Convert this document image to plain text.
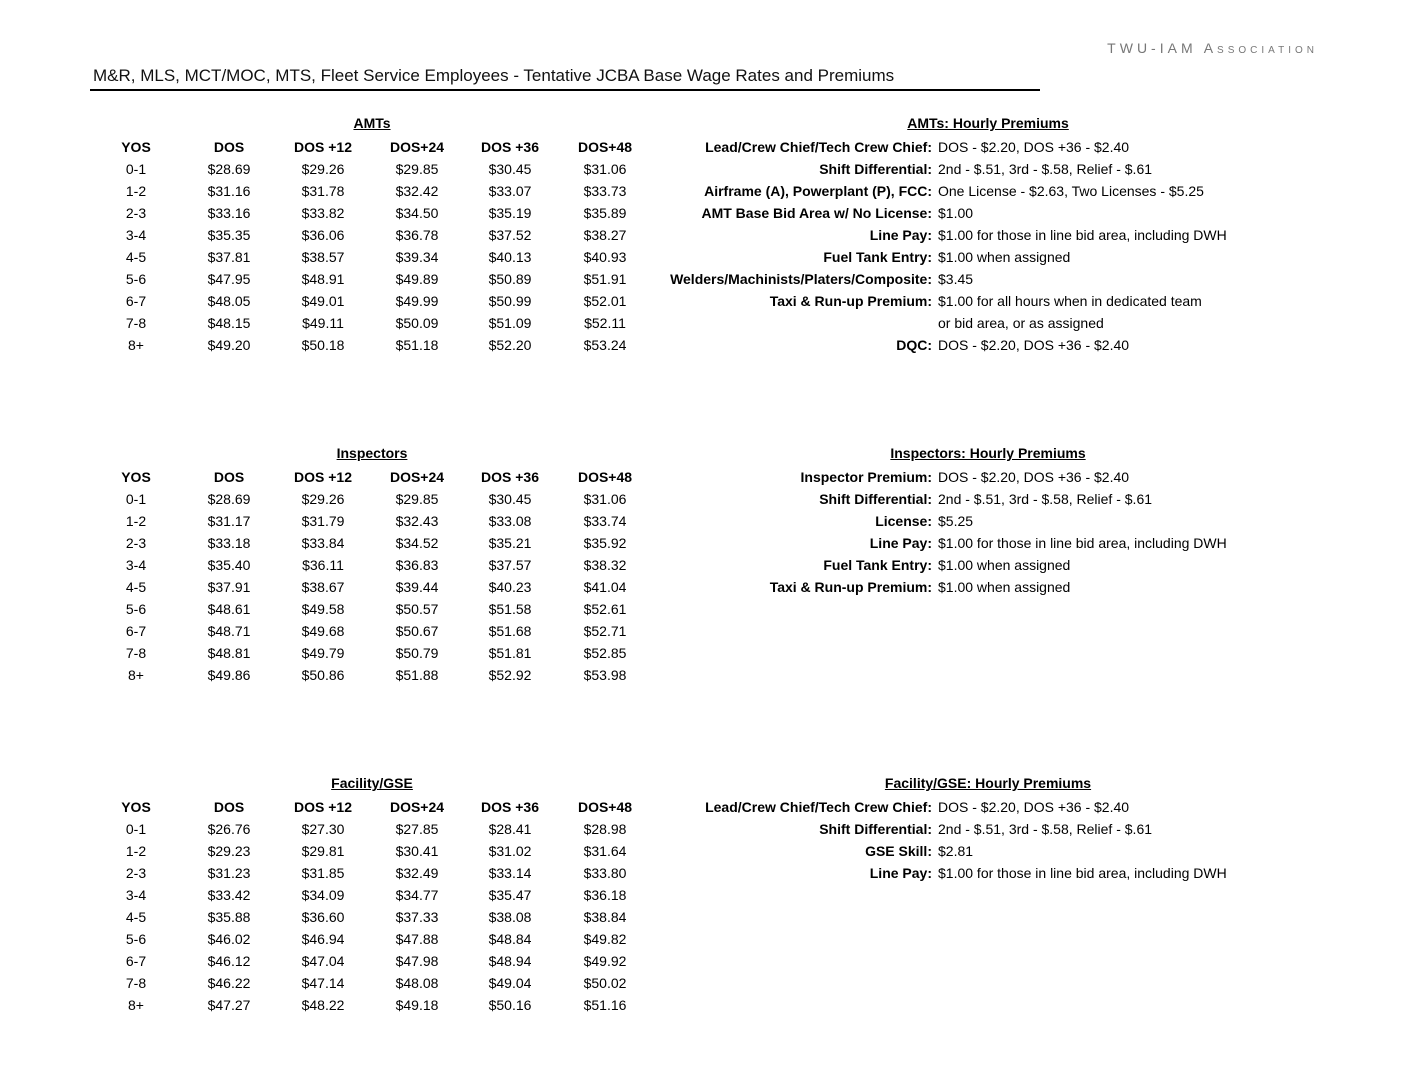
TWU-IAM Association
M&R, MLS, MCT/MOC, MTS, Fleet Service Employees - Tentative JCBA Base Wage Rates and Premiums
AMTs	AMTs: Hourly Premiums
YOS	DOS	DOS +12	DOS+24	DOS +36	DOS+48
0-1	$28.69	$29.26	$29.85	$30.45	$31.06
1-2	$31.16	$31.78	$32.42	$33.07	$33.73
2-3	$33.16	$33.82	$34.50	$35.19	$35.89
3-4	$35.35	$36.06	$36.78	$37.52	$38.27
4-5	$37.81	$38.57	$39.34	$40.13	$40.93
5-6	$47.95	$48.91	$49.89	$50.89	$51.91
6-7	$48.05	$49.01	$49.99	$50.99	$52.01
7-8	$48.15	$49.11	$50.09	$51.09	$52.11
8+	$49.20	$50.18	$51.18	$52.20	$53.24
Lead/Crew Chief/Tech Crew Chief: DOS - $2.20, DOS +36 - $2.40
Shift Differential: 2nd - $.51, 3rd - $.58, Relief - $.61
Airframe (A), Powerplant (P), FCC: One License - $2.63, Two Licenses - $5.25
AMT Base Bid Area w/ No License: $1.00
Line Pay: $1.00 for those in line bid area, including DWH
Fuel Tank Entry: $1.00 when assigned
Welders/Machinists/Platers/Composite: $3.45
Taxi & Run-up Premium: $1.00 for all hours when in dedicated team
or bid area, or as assigned
DQC: DOS - $2.20, DOS +36 - $2.40
Inspectors	Inspectors: Hourly Premiums
YOS	DOS	DOS +12	DOS+24	DOS +36	DOS+48
0-1	$28.69	$29.26	$29.85	$30.45	$31.06
1-2	$31.17	$31.79	$32.43	$33.08	$33.74
2-3	$33.18	$33.84	$34.52	$35.21	$35.92
3-4	$35.40	$36.11	$36.83	$37.57	$38.32
4-5	$37.91	$38.67	$39.44	$40.23	$41.04
5-6	$48.61	$49.58	$50.57	$51.58	$52.61
6-7	$48.71	$49.68	$50.67	$51.68	$52.71
7-8	$48.81	$49.79	$50.79	$51.81	$52.85
8+	$49.86	$50.86	$51.88	$52.92	$53.98
Inspector Premium: DOS - $2.20, DOS +36 - $2.40
Shift Differential: 2nd - $.51, 3rd - $.58, Relief - $.61
License: $5.25
Line Pay: $1.00 for those in line bid area, including DWH
Fuel Tank Entry: $1.00 when assigned
Taxi & Run-up Premium: $1.00 when assigned
Facility/GSE	Facility/GSE: Hourly Premiums
YOS	DOS	DOS +12	DOS+24	DOS +36	DOS+48
0-1	$26.76	$27.30	$27.85	$28.41	$28.98
1-2	$29.23	$29.81	$30.41	$31.02	$31.64
2-3	$31.23	$31.85	$32.49	$33.14	$33.80
3-4	$33.42	$34.09	$34.77	$35.47	$36.18
4-5	$35.88	$36.60	$37.33	$38.08	$38.84
5-6	$46.02	$46.94	$47.88	$48.84	$49.82
6-7	$46.12	$47.04	$47.98	$48.94	$49.92
7-8	$46.22	$47.14	$48.08	$49.04	$50.02
8+	$47.27	$48.22	$49.18	$50.16	$51.16
Lead/Crew Chief/Tech Crew Chief: DOS - $2.20, DOS +36 - $2.40
Shift Differential: 2nd - $.51, 3rd - $.58, Relief - $.61
GSE Skill: $2.81
Line Pay: $1.00 for those in line bid area, including DWH
